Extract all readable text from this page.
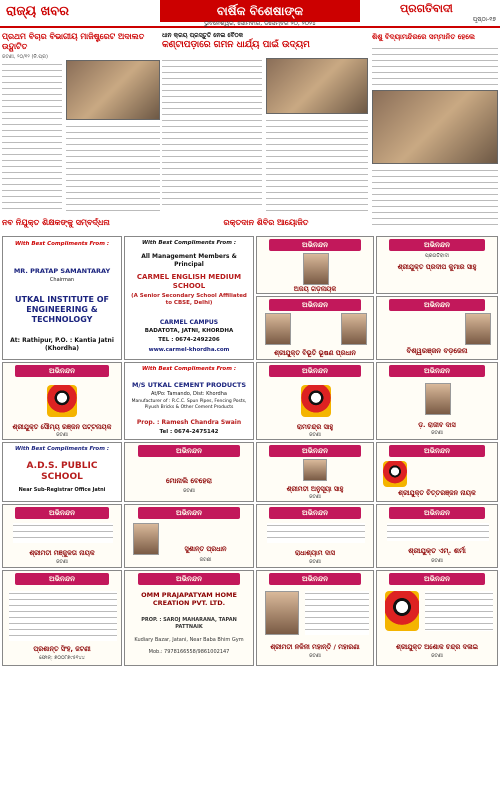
ରାଜ୍ୟ ଖବର	ବାର୍ଷିକ ବିଶେଷାଙ୍କ
ଭୁବନେଶ୍ୱର, ସୋମବାର, ଡିସେମ୍ବର ୨୦, ୨୦୨୪
ପ୍ରଗତିବାଦୀ
ପୃଷ୍ଠା-୧୭
ପ୍ରଥମ ବିଚାର ବିଭାଗୀୟ ମାଜିଷ୍ଟ୍ରେଟ ଅଦାଲତ ଉଦ୍ଘାଟିତ
ଜଟଣୀ, ୨୦/୧୨ (ନି.ପ୍ର)
ଧାନ କ୍ରୟ ପ୍ରସ୍ତୁତି ନେଇ ବୈଠକ
କଣ୍ଟାପଡ଼ାରେ ଗମନ ଧାର୍ଯ୍ୟ ପାଇଁ ଉଦ୍ୟମ
ଶିଶୁ ବିଦ୍ୟାମନ୍ଦିରରେ ସମ୍ମାନିତ ହେଲେ
ନବ ନିଯୁକ୍ତ ଶିକ୍ଷକଙ୍କୁ ସମ୍ବର୍ଦ୍ଧନା	ରକ୍ତଦାନ ଶିବିର ଆୟୋଜିତ
With Best Compliments From :
MR. PRATAP SAMANTARAY
Chairman
UTKAL INSTITUTE OF ENGINEERING & TECHNOLOGY
At: Rathipur, P.O. : Kantia Jatni (Khordha)
With Best Compliments From :
All Management Members & Principal
CARMEL ENGLISH MEDIUM SCHOOL
(A Senior Secondary School Affiliated to CBSE, Delhi)
CARMEL CAMPUS
BADATOTA, JATNI, KHORDHA
TEL : 0674-2492206
www.carmel-khordha.com
ଅଭିନନ୍ଦନ
ଅଜୟ ଗଡ଼ନାୟକ
ଅଭିନନ୍ଦନ
ପ୍ରଗତିବାଦୀ
ଶ୍ରୀଯୁକ୍ତ ପ୍ରଦୀପ କୁମାର ସାହୁ
ଅଭିନନ୍ଦନ
ଶ୍ରୀଯୁକ୍ତ ବିଭୂତି ଭୂଷଣ ପ୍ରଧାନ
ଅଭିନନ୍ଦନ
ବିଶ୍ୱରଞ୍ଜନ ବଡ଼ଜେନା
ଅଭିନନ୍ଦନ
ଶ୍ରୀଯୁକ୍ତ ସୌମ୍ୟ ରଞ୍ଜନ ପଟ୍ଟନାୟକ
ଜଟଣୀ
With Best Compliments From :
M/S UTKAL CEMENT PRODUCTS
At/Po: Tamando, Dist: Khordha
Manufacturer of : R.C.C. Spun Pipes, Fencing Posts, Piyush Bricks & Other Cement Products
Prop. : Ramesh Chandra Swain
Tel : 0674-2475142
ଅଭିନନ୍ଦନ
ରାମଚନ୍ଦ୍ର ସାହୁ
ଜଟଣୀ
ଅଭିନନ୍ଦନ
ଡ଼. ରାଜୀବ ଦାସ
ଜଟଣୀ
With Best Compliments From :
A.D.S. PUBLIC SCHOOL
Near Sub-Registrar Office Jatni
ଅଭିନନ୍ଦନ
ମୋନାଲି ବେହେରା
ଜଟଣୀ
ଅଭିନନ୍ଦନ
ଶ୍ରୀମତୀ ଅନୁସୂୟା ସାହୁ
ଜଟଣୀ
ଅଭିନନ୍ଦନ
ଶ୍ରୀଯୁକ୍ତ ଚିତ୍ତରଞ୍ଜନ ନାୟକ
ଅଭିନନ୍ଦନ
ଶ୍ରୀମତୀ ମଞ୍ଜୁଳତା ନାୟକ
ଜଟଣୀ
ଅଭିନନ୍ଦନ
ସୁଶାନ୍ତ ପ୍ରଧାନ
ଜଟଣୀ
ଅଭିନନ୍ଦନ
ରାଧାଶ୍ୟାମ ଦାସ
ଜଟଣୀ
ଅଭିନନ୍ଦନ
ଶ୍ରୀଯୁକ୍ତ ଏମ୍. ଶର୍ମା
ଜଟଣୀ
ଅଭିନନ୍ଦନ
ପ୍ରଶାନ୍ତ ସିଂହ, ଜଟଣୀ
ଫୋନ୍: ୭୦୦୮୭୯୫୧୪୪
ଅଭିନନ୍ଦନ
OMM PRAJAPATYAM HOME CREATION PVT. LTD.
PROP. : SAROJ MAHARANA, TAPAN PATTNAIK
Kudiary Bazar, Jatani, Near Baba Bhim Gym
Mob.: 7978166558/9861002147
ଅଭିନନ୍ଦନ
ଶ୍ରୀମତୀ ନଳିନୀ ମହାନ୍ତି / ମହାରଣା
ଜଟଣୀ
ଅଭିନନ୍ଦନ
ଶ୍ରୀଯୁକ୍ତ ଅଶୋକ ଚନ୍ଦ୍ର ଦଳାଇ
ଜଟଣୀ
